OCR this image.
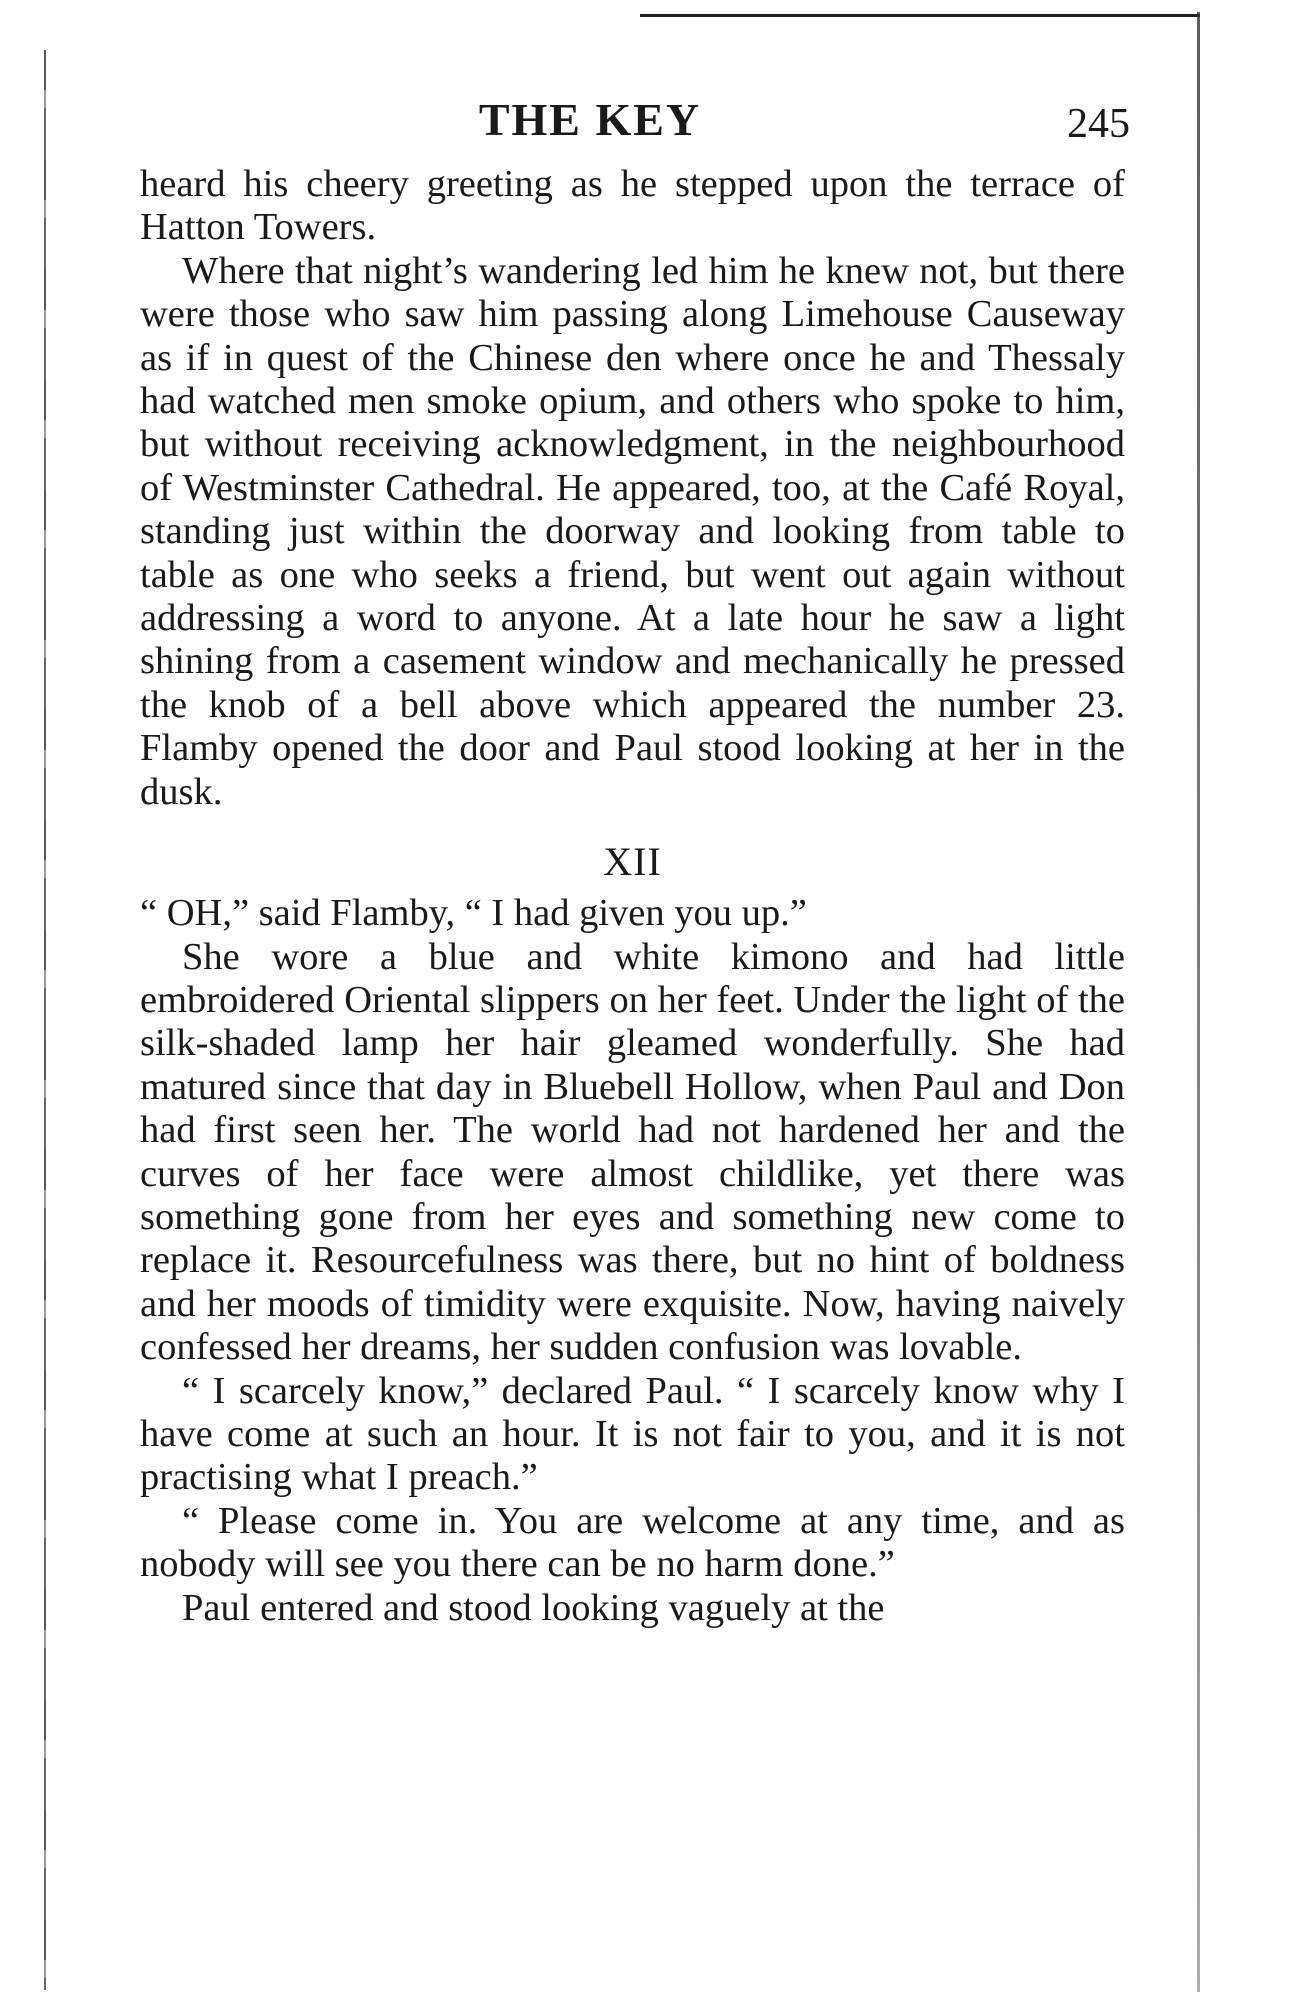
THE KEY	245

heard his cheery greeting as he stepped upon the terrace of Hatton Towers.

Where that night’s wandering led him he knew not, but there were those who saw him passing along Limehouse Causeway as if in quest of the Chinese den where once he and Thessaly had watched men smoke opium, and others who spoke to him, but without receiving acknowledgment, in the neighbourhood of Westminster Cathedral. He appeared, too, at the Café Royal, standing just within the doorway and looking from table to table as one who seeks a friend, but went out again without addressing a word to anyone. At a late hour he saw a light shining from a casement window and mechanically he pressed the knob of a bell above which appeared the number 23. Flamby opened the door and Paul stood looking at her in the dusk.

XII

“ OH,” said Flamby, “ I had given you up.”

She wore a blue and white kimono and had little embroidered Oriental slippers on her feet. Under the light of the silk-shaded lamp her hair gleamed wonderfully. She had matured since that day in Bluebell Hollow, when Paul and Don had first seen her. The world had not hardened her and the curves of her face were almost childlike, yet there was something gone from her eyes and something new come to replace it. Resourcefulness was there, but no hint of boldness and her moods of timidity were exquisite. Now, having naively confessed her dreams, her sudden confusion was lovable.

“ I scarcely know,” declared Paul. “ I scarcely know why I have come at such an hour. It is not fair to you, and it is not practising what I preach.”

“ Please come in. You are welcome at any time, and as nobody will see you there can be no harm done.”

Paul entered and stood looking vaguely at the
